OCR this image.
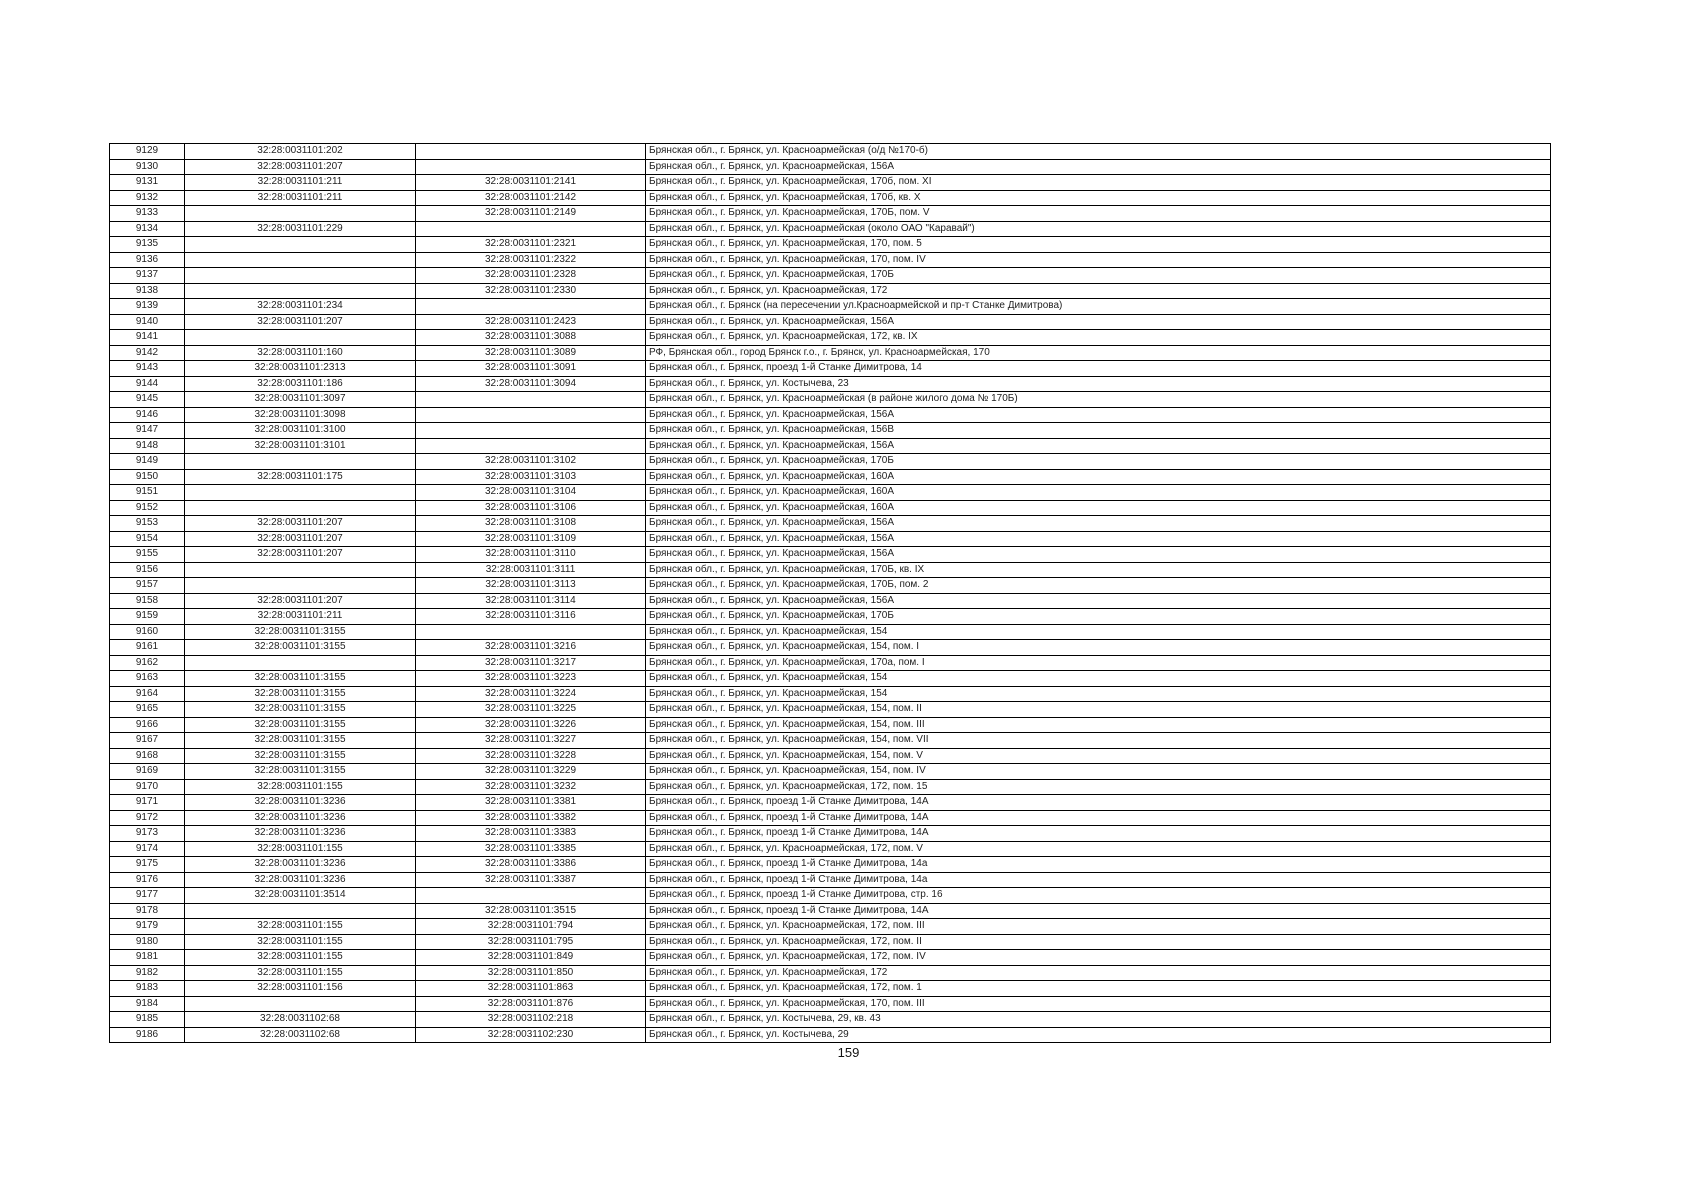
9129	32:28:0031101:202		Брянская обл., г. Брянск, ул. Красноармейская (о/д №170-б)
9130	32:28:0031101:207		Брянская обл., г. Брянск, ул. Красноармейская, 156А
9131	32:28:0031101:211	32:28:0031101:2141	Брянская обл., г. Брянск, ул. Красноармейская, 170б, пом. XI
9132	32:28:0031101:211	32:28:0031101:2142	Брянская обл., г. Брянск, ул. Красноармейская, 170б, кв. X
9133		32:28:0031101:2149	Брянская обл., г. Брянск, ул. Красноармейская, 170Б, пом. V
9134	32:28:0031101:229		Брянская обл., г. Брянск, ул. Красноармейская (около ОАО "Каравай")
9135		32:28:0031101:2321	Брянская обл., г. Брянск, ул. Красноармейская, 170, пом. 5
9136		32:28:0031101:2322	Брянская обл., г. Брянск, ул. Красноармейская, 170, пом. IV
9137		32:28:0031101:2328	Брянская обл., г. Брянск, ул. Красноармейская, 170Б
9138		32:28:0031101:2330	Брянская обл., г. Брянск, ул. Красноармейская, 172
9139	32:28:0031101:234		Брянская обл., г. Брянск (на пересечении ул.Красноармейской и пр-т Станке Димитрова)
9140	32:28:0031101:207	32:28:0031101:2423	Брянская обл., г. Брянск, ул. Красноармейская, 156А
9141		32:28:0031101:3088	Брянская обл., г. Брянск, ул. Красноармейская, 172, кв. IX
9142	32:28:0031101:160	32:28:0031101:3089	РФ, Брянская обл., город Брянск г.о., г. Брянск, ул. Красноармейская, 170
9143	32:28:0031101:2313	32:28:0031101:3091	Брянская обл., г. Брянск, проезд 1-й Станке Димитрова, 14
9144	32:28:0031101:186	32:28:0031101:3094	Брянская обл., г. Брянск, ул. Костычева, 23
9145	32:28:0031101:3097		Брянская обл., г. Брянск, ул. Красноармейская (в районе жилого дома № 170Б)
9146	32:28:0031101:3098		Брянская обл., г. Брянск, ул. Красноармейская, 156А
9147	32:28:0031101:3100		Брянская обл., г. Брянск, ул. Красноармейская, 156В
9148	32:28:0031101:3101		Брянская обл., г. Брянск, ул. Красноармейская, 156А
9149		32:28:0031101:3102	Брянская обл., г. Брянск, ул. Красноармейская, 170Б
9150	32:28:0031101:175	32:28:0031101:3103	Брянская обл., г. Брянск, ул. Красноармейская, 160А
9151		32:28:0031101:3104	Брянская обл., г. Брянск, ул. Красноармейская, 160А
9152		32:28:0031101:3106	Брянская обл., г. Брянск, ул. Красноармейская, 160А
9153	32:28:0031101:207	32:28:0031101:3108	Брянская обл., г. Брянск, ул. Красноармейская, 156А
9154	32:28:0031101:207	32:28:0031101:3109	Брянская обл., г. Брянск, ул. Красноармейская, 156А
9155	32:28:0031101:207	32:28:0031101:3110	Брянская обл., г. Брянск, ул. Красноармейская, 156А
9156		32:28:0031101:3111	Брянская обл., г. Брянск, ул. Красноармейская, 170Б, кв. IX
9157		32:28:0031101:3113	Брянская обл., г. Брянск, ул. Красноармейская, 170Б, пом. 2
9158	32:28:0031101:207	32:28:0031101:3114	Брянская обл., г. Брянск, ул. Красноармейская, 156А
9159	32:28:0031101:211	32:28:0031101:3116	Брянская обл., г. Брянск, ул. Красноармейская, 170Б
9160	32:28:0031101:3155		Брянская обл., г. Брянск, ул. Красноармейская, 154
9161	32:28:0031101:3155	32:28:0031101:3216	Брянская обл., г. Брянск, ул. Красноармейская, 154, пом. I
9162		32:28:0031101:3217	Брянская обл., г. Брянск, ул. Красноармейская, 170а, пом. I
9163	32:28:0031101:3155	32:28:0031101:3223	Брянская обл., г. Брянск, ул. Красноармейская, 154
9164	32:28:0031101:3155	32:28:0031101:3224	Брянская обл., г. Брянск, ул. Красноармейская, 154
9165	32:28:0031101:3155	32:28:0031101:3225	Брянская обл., г. Брянск, ул. Красноармейская, 154, пом. II
9166	32:28:0031101:3155	32:28:0031101:3226	Брянская обл., г. Брянск, ул. Красноармейская, 154, пом. III
9167	32:28:0031101:3155	32:28:0031101:3227	Брянская обл., г. Брянск, ул. Красноармейская, 154, пом. VII
9168	32:28:0031101:3155	32:28:0031101:3228	Брянская обл., г. Брянск, ул. Красноармейская, 154, пом. V
9169	32:28:0031101:3155	32:28:0031101:3229	Брянская обл., г. Брянск, ул. Красноармейская, 154, пом. IV
9170	32:28:0031101:155	32:28:0031101:3232	Брянская обл., г. Брянск, ул. Красноармейская, 172, пом. 15
9171	32:28:0031101:3236	32:28:0031101:3381	Брянская обл., г. Брянск, проезд 1-й Станке Димитрова, 14А
9172	32:28:0031101:3236	32:28:0031101:3382	Брянская обл., г. Брянск, проезд 1-й Станке Димитрова, 14А
9173	32:28:0031101:3236	32:28:0031101:3383	Брянская обл., г. Брянск, проезд 1-й Станке Димитрова, 14А
9174	32:28:0031101:155	32:28:0031101:3385	Брянская обл., г. Брянск, ул. Красноармейская, 172, пом. V
9175	32:28:0031101:3236	32:28:0031101:3386	Брянская обл., г. Брянск, проезд 1-й Станке Димитрова, 14а
9176	32:28:0031101:3236	32:28:0031101:3387	Брянская обл., г. Брянск, проезд 1-й Станке Димитрова, 14а
9177	32:28:0031101:3514		Брянская обл., г. Брянск, проезд 1-й Станке Димитрова, стр. 16
9178		32:28:0031101:3515	Брянская обл., г. Брянск, проезд 1-й Станке Димитрова, 14А
9179	32:28:0031101:155	32:28:0031101:794	Брянская обл., г. Брянск, ул. Красноармейская, 172, пом. III
9180	32:28:0031101:155	32:28:0031101:795	Брянская обл., г. Брянск, ул. Красноармейская, 172, пом. II
9181	32:28:0031101:155	32:28:0031101:849	Брянская обл., г. Брянск, ул. Красноармейская, 172, пом. IV
9182	32:28:0031101:155	32:28:0031101:850	Брянская обл., г. Брянск, ул. Красноармейская, 172
9183	32:28:0031101:156	32:28:0031101:863	Брянская обл., г. Брянск, ул. Красноармейская, 172, пом. 1
9184		32:28:0031101:876	Брянская обл., г. Брянск, ул. Красноармейская, 170, пом. III
9185	32:28:0031102:68	32:28:0031102:218	Брянская обл., г. Брянск, ул. Костычева, 29, кв. 43
9186	32:28:0031102:68	32:28:0031102:230	Брянская обл., г. Брянск, ул. Костычева, 29
159
